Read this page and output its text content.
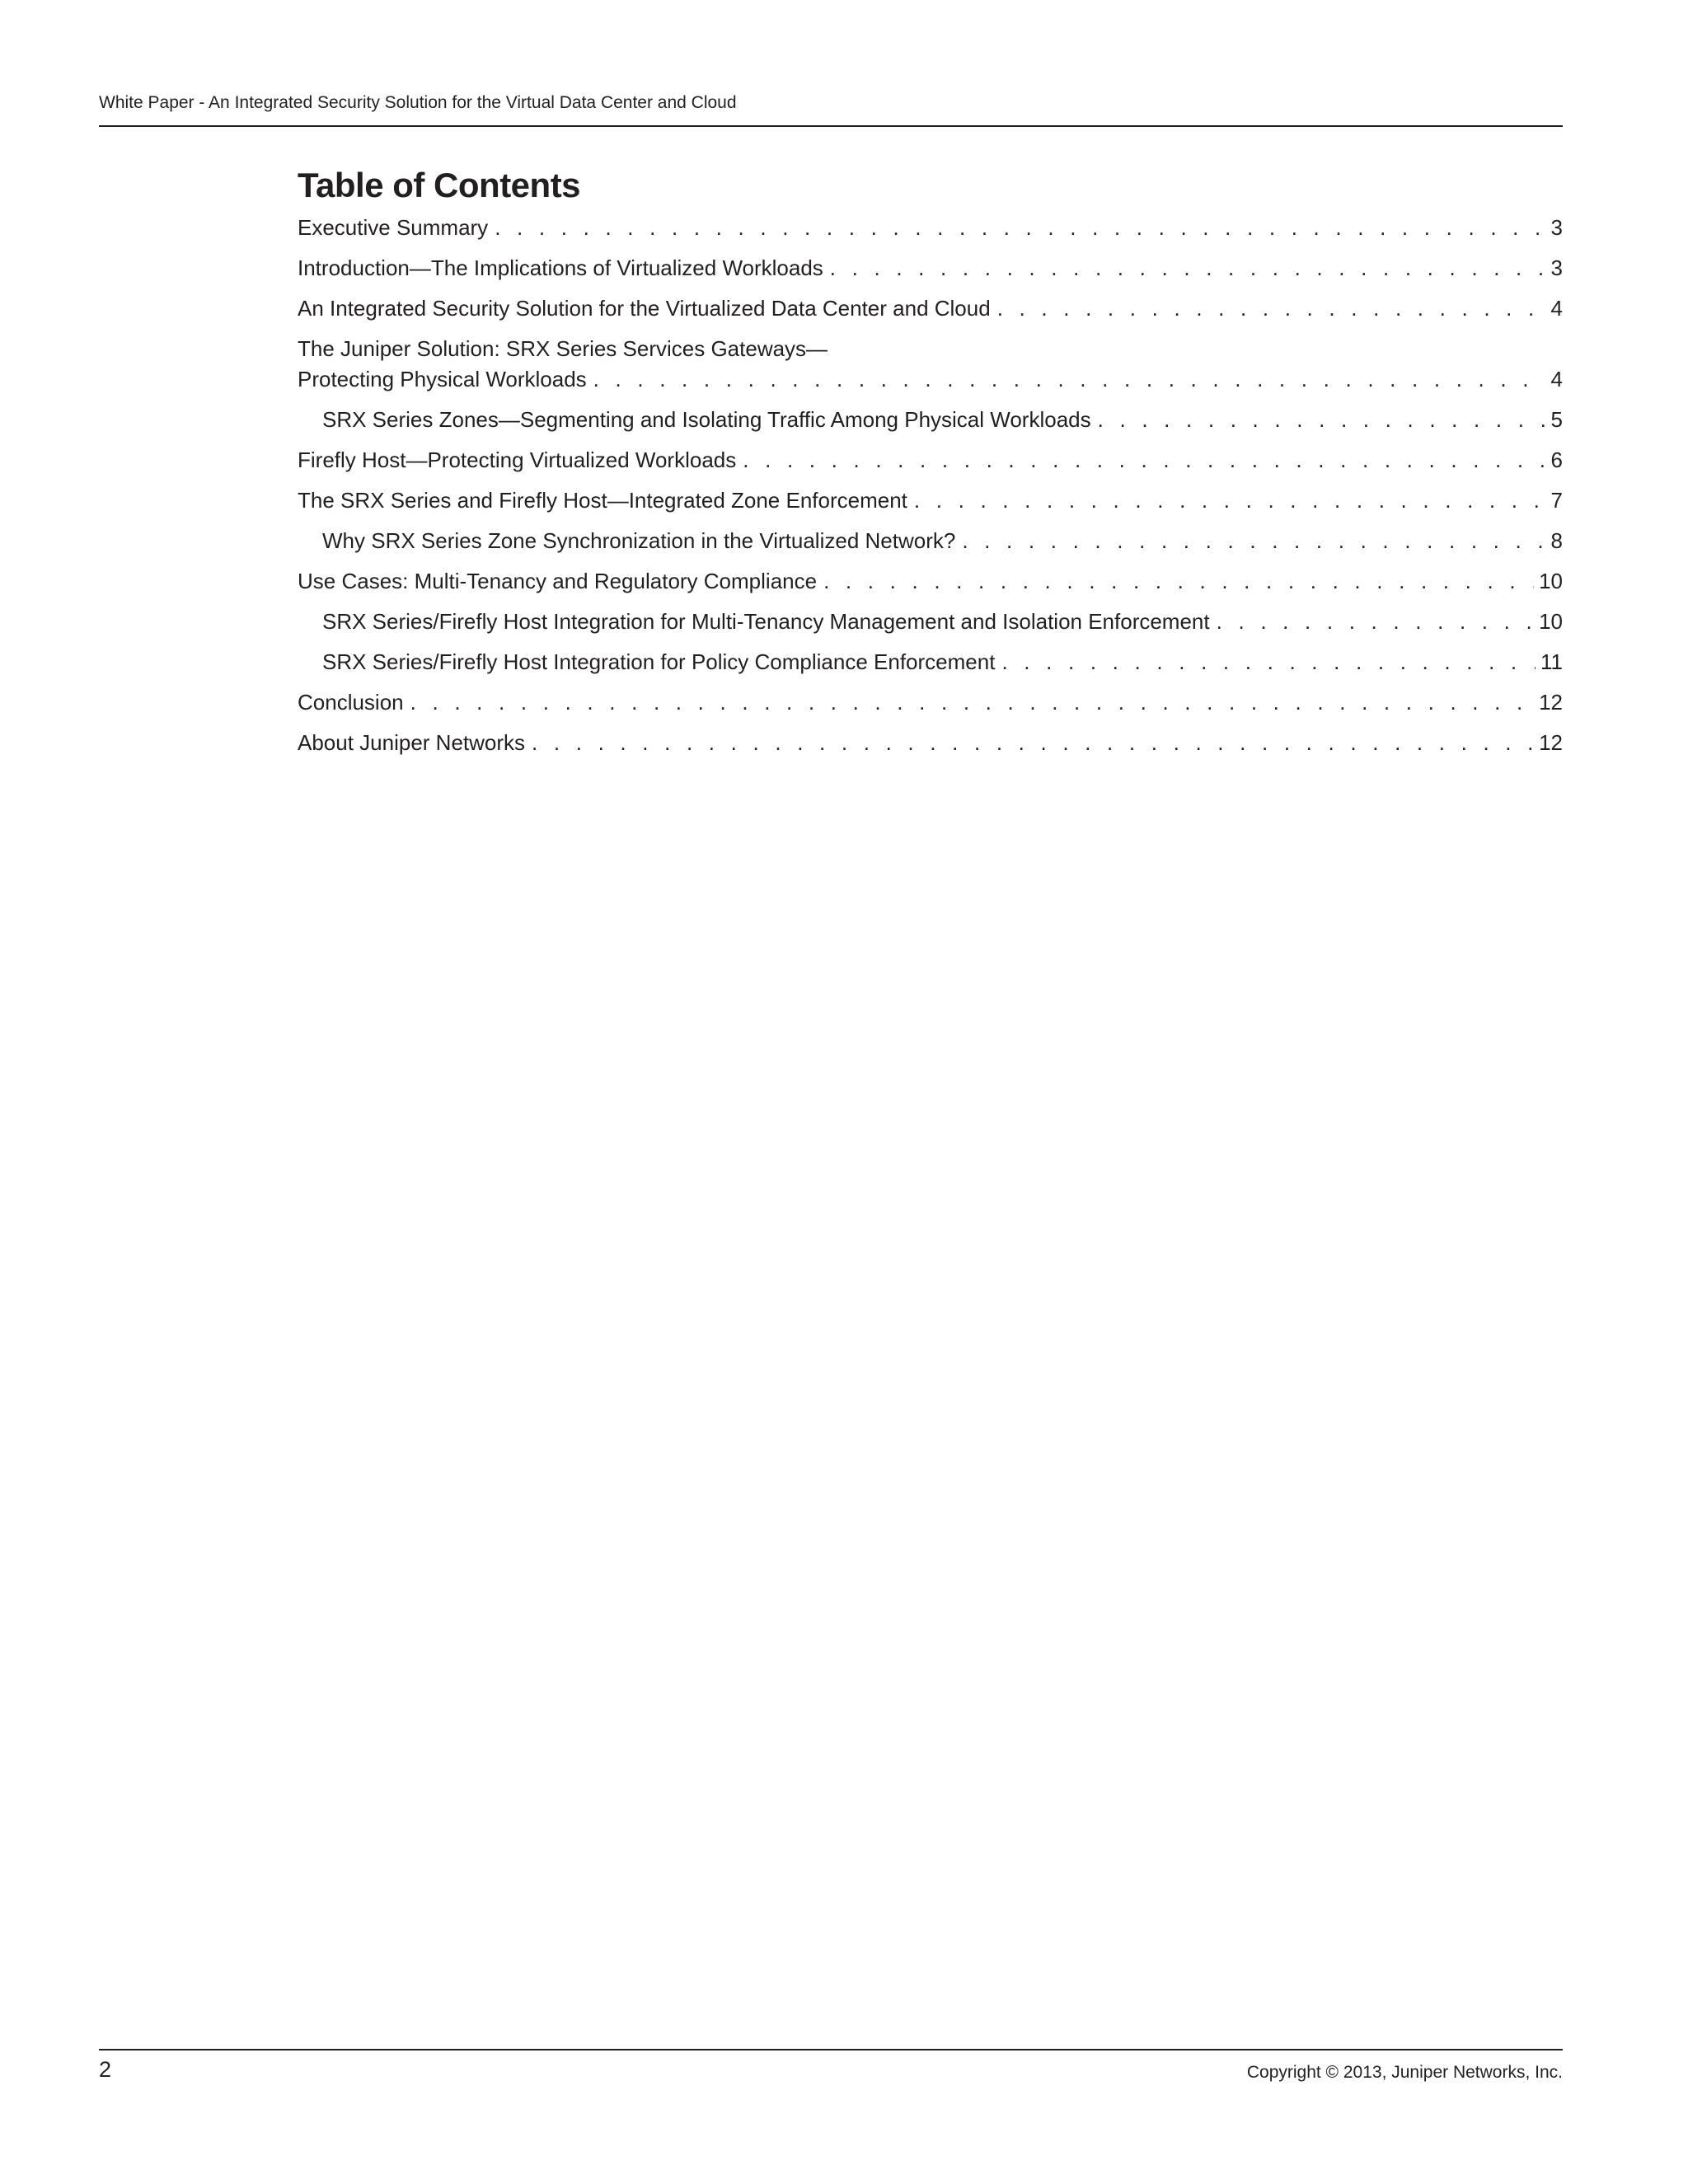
White Paper - An Integrated Security Solution for the Virtual Data Center and Cloud
Table of Contents
Executive Summary . . .	3
Introduction—The Implications of Virtualized Workloads . . .	3
An Integrated Security Solution for the Virtualized Data Center and Cloud . . .	4
The Juniper Solution: SRX Series Services Gateways—
Protecting Physical Workloads . . .	4
SRX Series Zones—Segmenting and Isolating Traffic Among Physical Workloads . . .	5
Firefly Host—Protecting Virtualized Workloads . . .	6
The SRX Series and Firefly Host—Integrated Zone Enforcement . . .	7
Why SRX Series Zone Synchronization in the Virtualized Network? . . .	8
Use Cases: Multi-Tenancy and Regulatory Compliance . . .	10
SRX Series/Firefly Host Integration for Multi-Tenancy Management and Isolation Enforcement . . .	10
SRX Series/Firefly Host Integration for Policy Compliance Enforcement . . .	11
Conclusion . . .	12
About Juniper Networks . . .	12
2	Copyright © 2013, Juniper Networks, Inc.
